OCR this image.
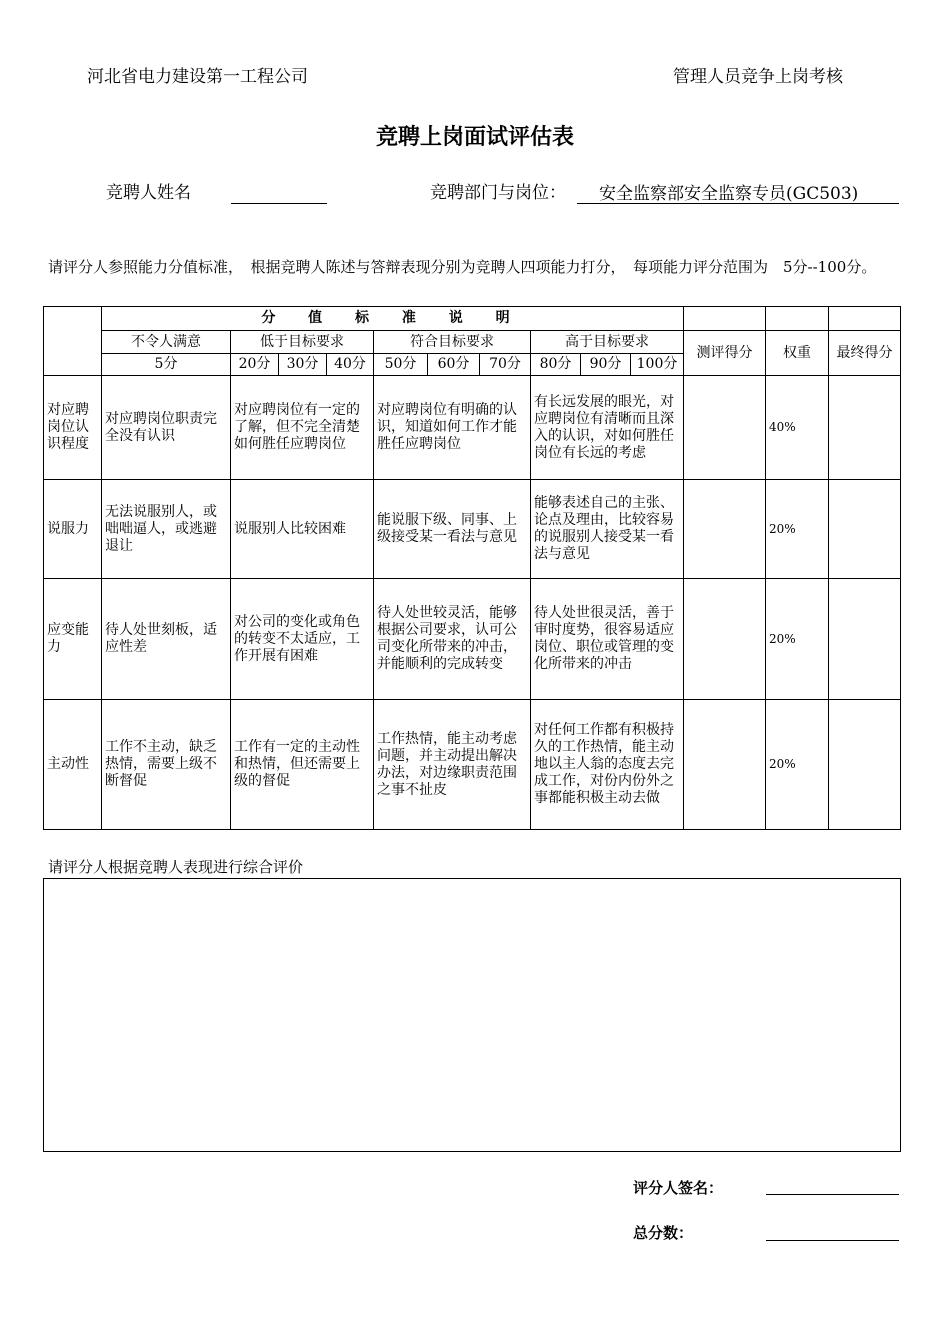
河北省电力建设第一工程公司	管理人员竞争上岗考核
竞聘上岗面试评估表
竞聘人姓名	竞聘部门与岗位： 安全监察部安全监察专员(GC503)
请评分人参照能力分值标准，　根据竞聘人陈述与答辩表现分别为竞聘人四项能力打分，　每项能力评分范围为　5分--100分。
	分 值 标 准 说 明												
	不令人满意	低于目标要求			符合目标要求			高于目标要求			测评得分	权重	最终得分
	5分	20分	30分	40分	50分	60分	70分	80分	90分	100分			
对应聘岗位认识程度	对应聘岗位职责完全没有认识	对应聘岗位有一定的了解，但不完全清楚如何胜任应聘岗位			对应聘岗位有明确的认识，知道如何工作才能胜任应聘岗位			有长远发展的眼光，对应聘岗位有清晰而且深入的认识，对如何胜任岗位有长远的考虑				40%	
说服力	无法说服别人，或咄咄逼人，或逃避退让	说服别人比较困难			能说服下级、同事、上级接受某一看法与意见			能够表述自己的主张、论点及理由，比较容易的说服别人接受某一看法与意见				20%	
应变能力	待人处世刻板，适应性差	对公司的变化或角色的转变不太适应，工作开展有困难			待人处世较灵活，能够根据公司要求，认可公司变化所带来的冲击，并能顺利的完成转变			待人处世很灵活，善于审时度势，很容易适应岗位、职位或管理的变化所带来的冲击				20%	
主动性	工作不主动，缺乏热情，需要上级不断督促	工作有一定的主动性和热情，但还需要上级的督促			工作热情，能主动考虑问题，并主动提出解决办法，对边缘职责范围之事不扯皮			对任何工作都有积极持久的工作热情，能主动地以主人翁的态度去完成工作，对份内份外之事都能积极主动去做				20%	
请评分人根据竞聘人表现进行综合评价
评分人签名：
总分数：
